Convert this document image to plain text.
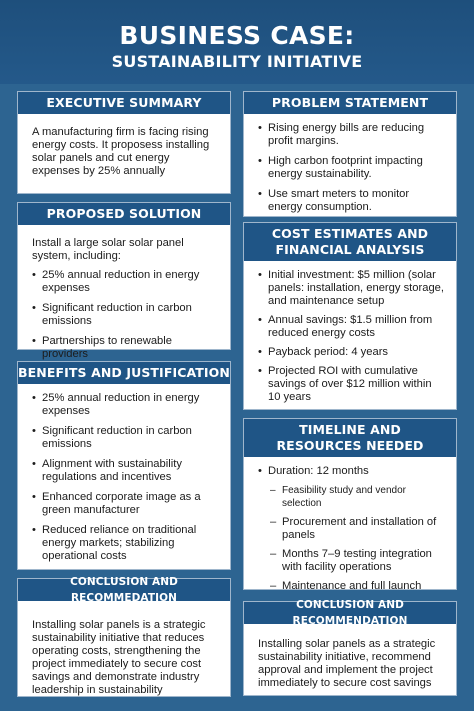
BUSINESS CASE:
SUSTAINABILITY INITIATIVE
EXECUTIVE SUMMARY

A manufacturing firm is facing rising energy costs. It proposess installing solar panels and cut energy expenses by 25% annually

PROBLEM STATEMENT
• Rising energy bills are reducing profit margins.
• High carbon footprint impacting energy sustainability.
• Use smart meters to monitor energy consumption.
PROPOSED SOLUTION

Install a large solar solar panel system, including:

• 25% annual reduction in energy expenses
• Significant reduction in carbon emissions
• Partnerships to renewable providers
COST ESTIMATES AND
FINANCIAL ANALYSIS
• Initial investment: $5 million (solar panels: installation, energy storage, and maintenance setup
• Annual savings: $1.5 million from reduced energy costs
• Payback period: 4 years
• Projected ROI with cumulative savings of over $12 million within 10 years
BENEFITS AND JUSTIFICATION
• 25% annual reduction in energy expenses
• Significant reduction in carbon emissions
• Alignment with sustainability regulations and incentives
• Enhanced corporate image as a green manufacturer
• Reduced reliance on traditional energy markets; stabilizing operational costs
TIMELINE AND
RESOURCES NEEDED
• Duration: 12 months
– Feasibility study and vendor selection
– Procurement and installation of panels
– Months 7–9 testing integration with facility operations
– Maintenance and full launch
CONCLUSION AND RECOMMEDATION

Installing solar panels is a strategic sustainability initiative that reduces operating costs, strengthening the project immediately to secure cost savings and demonstrate industry leadership in sustainability

CONCLUSION AND RECOMMENDATION

Installing solar panels as a strategic sustainability initiative, recommend approval and implement the project immediately to secure cost savings
